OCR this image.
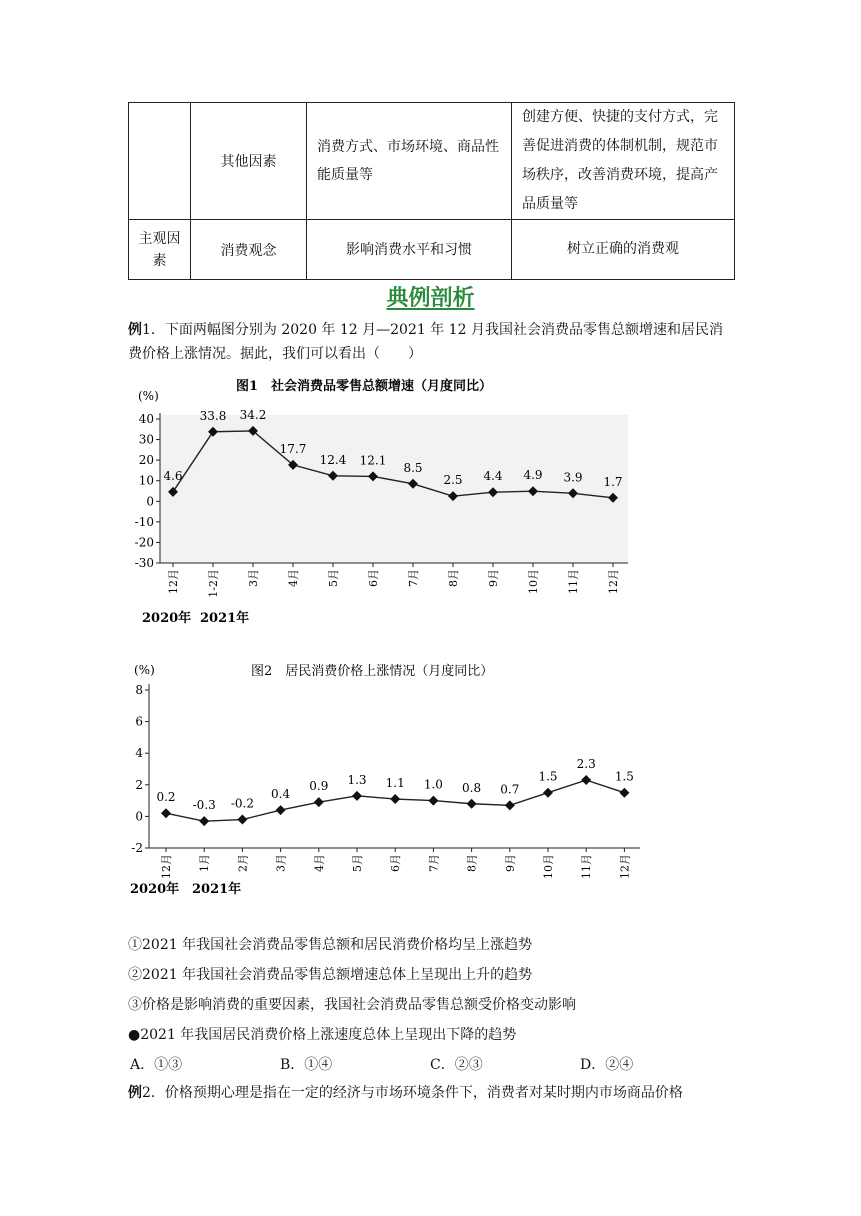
	其他因素	消费方式、市场环境、商品性能质量等	创建方便、快捷的支付方式，完善促进消费的体制机制，规范市场秩序，改善消费环境，提高产品质量等
主观因素	消费观念	影响消费水平和习惯	树立正确的消费观
典例剖析
例1．下面两幅图分别为 2020 年 12 月—2021 年 12 月我国社会消费品零售总额增速和居民消费价格上涨情况。据此，我们可以看出（　　）
图1　社会消费品零售总额增速（月度同比）
(%)
40
30
20
10
0
-10
-20
-30
12月 1-2月 3月 4月 5月 6月 7月 8月 9月 10月 11月 12月
4.6
33.8 34.2
17.7
12.4 12.1
8.5
2.5 4.4 4.9 3.9 1.7
2020年 2021年
图2　居民消费价格上涨情况（月度同比）
(%)
8
6
4
2
0
-2
12月 1月 2月 3月 4月 5月 6月 7月 8月 9月 10月 11月 12月
0.2
-0.3 -0.2
0.4
0.9 1.3 1.1 1.0 0.8 0.7
1.5
2.3
1.5
2020年 2021年
①2021 年我国社会消费品零售总额和居民消费价格均呈上涨趋势
②2021 年我国社会消费品零售总额增速总体上呈现出上升的趋势
③价格是影响消费的重要因素，我国社会消费品零售总额受价格变动影响
●2021 年我国居民消费价格上涨速度总体上呈现出下降的趋势
A．①③	B．①④	C．②③	D．②④
例2．价格预期心理是指在一定的经济与市场环境条件下，消费者对某时期内市场商品价格
